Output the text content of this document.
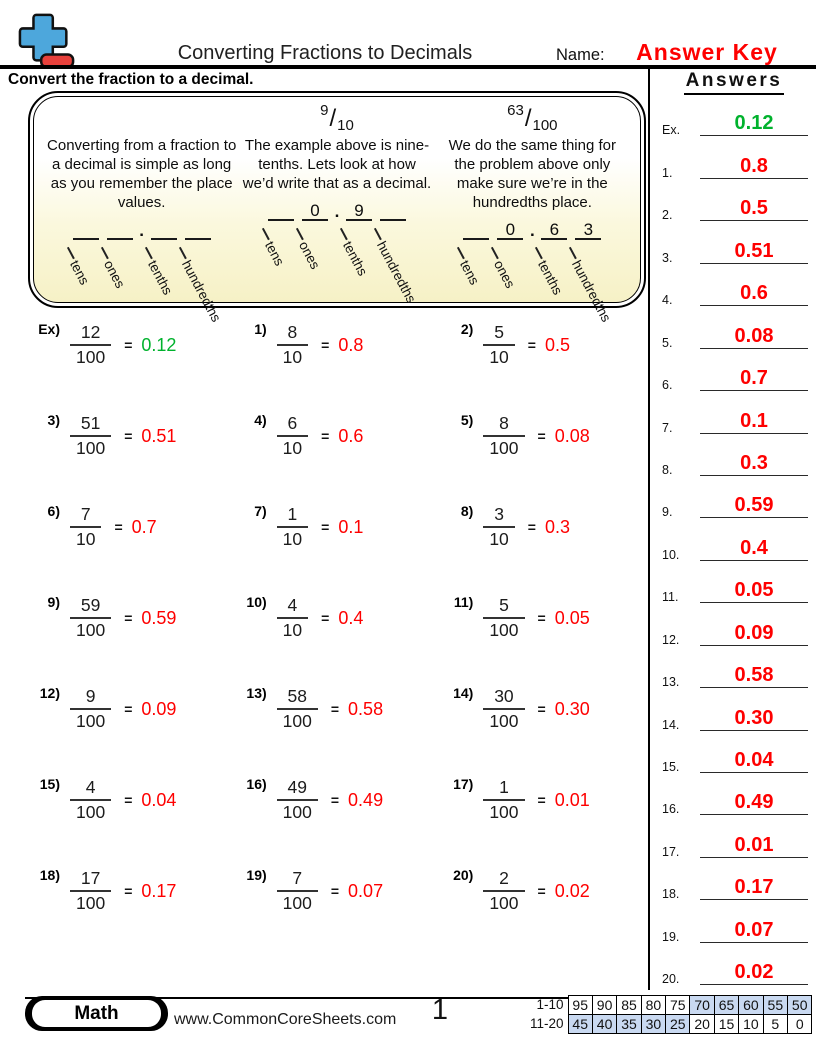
Converting Fractions to Decimals	Name:	Answer Key
Convert the fraction to a decimal.	Answers
Ex.	0.12
1.	0.8
2.	0.5
3.	0.51
4.	0.6
5.	0.08
6.	0.7
7.	0.1
8.	0.3
9.	0.59
10.	0.4
11.	0.05
12.	0.09
13.	0.58
14.	0.30
15.	0.04
16.	0.49
17.	0.01
18.	0.17
19.	0.07
20.	0.02
Converting from a fraction to a decimal is simple as long as you remember the place values.
tens ones
.
tenths hundredths
9 / 10
The example above is nine-tenths. Lets look at how we’d write that as a decimal.
tens
0
ones
. 9
tenths hundredths
63 / 100
We do the same thing for the problem above only make sure we’re in the hundredths place.
tens
0
ones
. 6
tenths
3
hundredths
$Ex) \frac{12}{100} = 0.12$
$1) \frac{8}{10} = 0.8$
$2) \frac{5}{10} = 0.5$
$3) \frac{51}{100} = 0.51$
$4) \frac{6}{10} = 0.6$
$5) \frac{8}{100} = 0.08$
$6) \frac{7}{10} = 0.7$
$7) \frac{1}{10} = 0.1$
$8) \frac{3}{10} = 0.3$
$9) \frac{59}{100} = 0.59$
$10) \frac{4}{10} = 0.4$
$11) \frac{5}{100} = 0.05$
$12) \frac{9}{100} = 0.09$
$13) \frac{58}{100} = 0.58$
$14) \frac{30}{100} = 0.30$
$15) \frac{4}{100} = 0.04$
$16) \frac{49}{100} = 0.49$
$17) \frac{1}{100} = 0.01$
$18) \frac{17}{100} = 0.17$
$19) \frac{7}{100} = 0.07$
$20) \frac{2}{100} = 0.02$
Math	www.CommonCoreSheets.com	1	1-10	95	90	85	80	75	70	65	60	55	50
11-20	45	40	35	30	25	20	15	10	5	0
